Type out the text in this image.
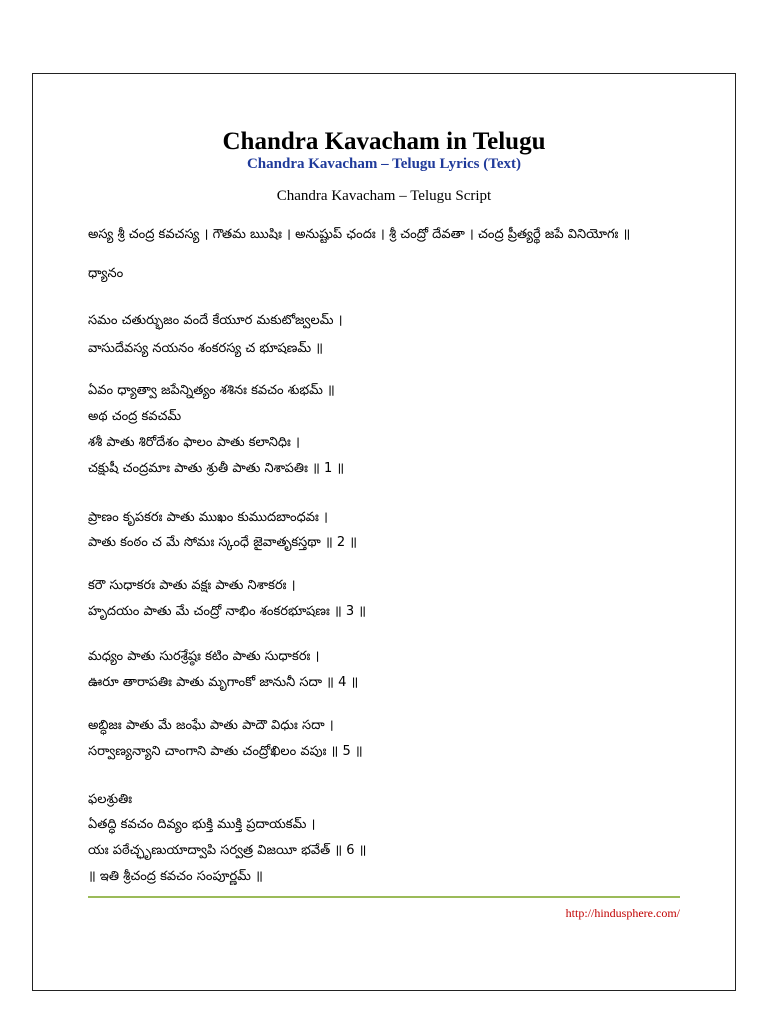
Chandra Kavacham in Telugu
Chandra Kavacham – Telugu Lyrics (Text)
Chandra Kavacham – Telugu Script
అస్య శ్రీ చంద్ర కవచస్య । గౌతమ ఋషిః । అనుష్టుప్ ఛందః । శ్రీ చంద్రో దేవతా । చంద్ర ప్రీత్యర్థే జపే వినియోగః ॥
ధ్యానం
సమం చతుర్భుజం వందే కేయూర మకుటోజ్వలమ్ ।
వాసుదేవస్య నయనం శంకరస్య చ భూషణమ్ ॥
ఏవం ధ్యాత్వా జపేన్నిత్యం శశినః కవచం శుభమ్ ॥
అథ చంద్ర కవచమ్
శశీ పాతు శిరోదేశం ఫాలం పాతు కలానిధిః ।
చక్షుషీ చంద్రమాః పాతు శ్రుతీ పాతు నిశాపతిః ॥ 1 ॥
ప్రాణం కృపకరః పాతు ముఖం కుముదబాంధవః ।
పాతు కంఠం చ మే సోమః స్కంధే జైవాతృకస్తథా ॥ 2 ॥
కరౌ సుధాకరః పాతు వక్షః పాతు నిశాకరః ।
హృదయం పాతు మే చంద్రో నాభిం శంకరభూషణః ॥ 3 ॥
మధ్యం పాతు సురశ్రేష్ఠః కటిం పాతు సుధాకరః ।
ఊరూ తారాపతిః పాతు మృగాంకో జానునీ సదా ॥ 4 ॥
అబ్ధిజః పాతు మే జంఘే పాతు పాదౌ విధుః సదా ।
సర్వాణ్యన్యాని చాంగాని పాతు చంద్రోఖిలం వపుః ॥ 5 ॥
ఫలశ్రుతిః
ఏతద్ధి కవచం దివ్యం భుక్తి ముక్తి ప్రదాయకమ్ ।
యః పఠేచ్ఛృణుయాద్వాపి సర్వత్ర విజయీ భవేత్ ॥ 6 ॥
॥ ఇతి శ్రీచంద్ర కవచం సంపూర్ణమ్ ॥
http://hindusphere.com/
